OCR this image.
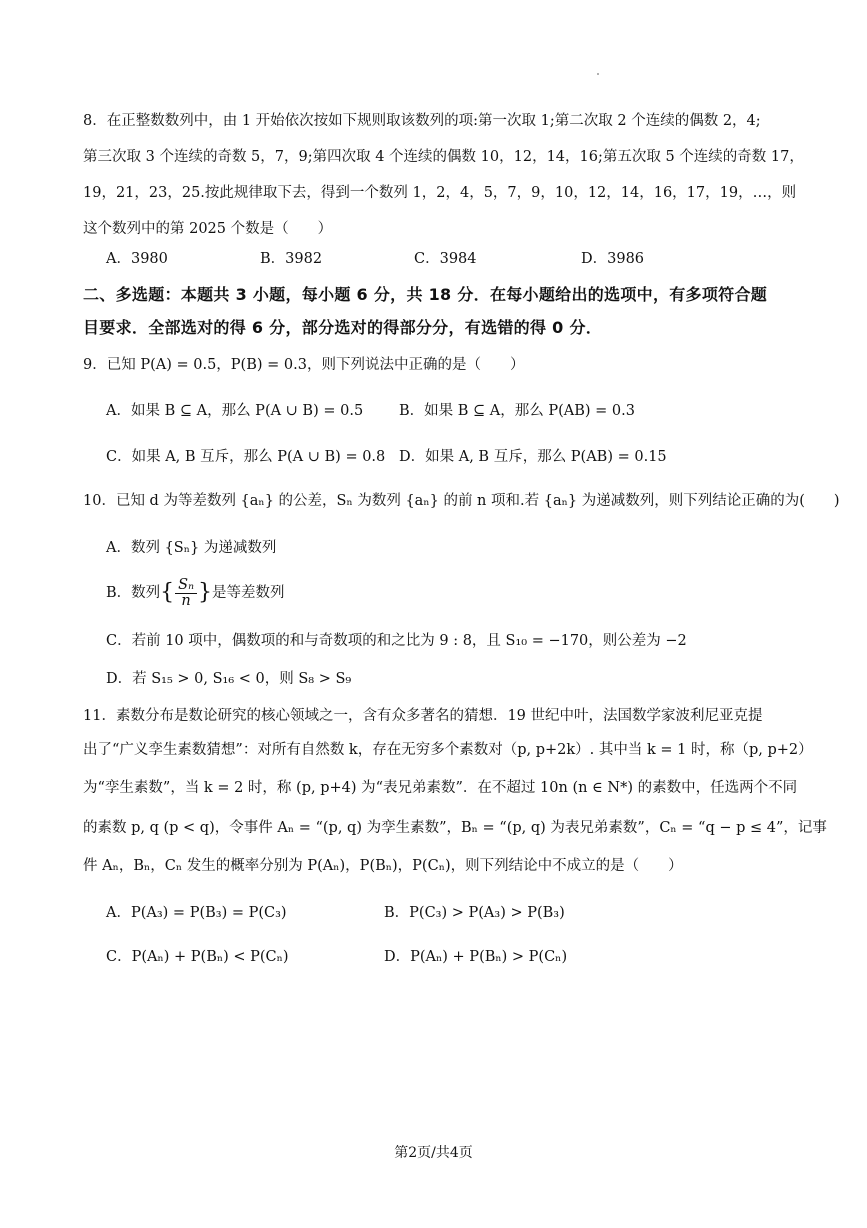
8．在正整数数列中，由 1 开始依次按如下规则取该数列的项:第一次取 1;第二次取 2 个连续的偶数 2，4;
第三次取 3 个连续的奇数 5，7，9;第四次取 4 个连续的偶数 10，12，14，16;第五次取 5 个连续的奇数 17，
19，21，23，25.按此规律取下去，得到一个数列 1，2，4，5，7，9，10，12，14，16，17，19，…，则
这个数列中的第 2025 个数是（　　）
A．3980	B．3982	C．3984	D．3986
二、多选题：本题共 3 小题，每小题 6 分，共 18 分．在每小题给出的选项中，有多项符合题
目要求．全部选对的得 6 分，部分选对的得部分分，有选错的得 0 分．
9．已知 P(A) = 0.5，P(B) = 0.3，则下列说法中正确的是（　　）
A．如果 B ⊆ A，那么 P(A ∪ B) = 0.5 B．如果 B ⊆ A，那么 P(AB) = 0.3
C．如果 A, B 互斥，那么 P(A ∪ B) = 0.8 D．如果 A, B 互斥，那么 P(AB) = 0.15
10．已知 d 为等差数列 {aₙ} 的公差，Sₙ 为数列 {aₙ} 的前 n 项和.若 {aₙ} 为递减数列，则下列结论正确的为(　　)
A．数列 {Sₙ} 为递减数列
B．数列{ $\frac{\text{Sₙ}}{n}$ }是等差数列
C．若前 10 项中，偶数项的和与奇数项的和之比为 9 : 8，且 S₁₀ = −170，则公差为 −2
D．若 S₁₅ > 0, S₁₆ < 0，则 S₈ > S₉
11．素数分布是数论研究的核心领域之一，含有众多著名的猜想．19 世纪中叶，法国数学家波利尼亚克提
出了“广义孪生素数猜想”：对所有自然数 k，存在无穷多个素数对（p, p+2k）. 其中当 k = 1 时，称（p, p+2）
为“孪生素数”，当 k = 2 时，称 (p, p+4) 为“表兄弟素数”．在不超过 10n (n ∈ N*) 的素数中，任选两个不同
的素数 p, q (p < q)，令事件 Aₙ = “(p, q) 为孪生素数”，Bₙ = “(p, q) 为表兄弟素数”，Cₙ = “q − p ≤ 4”，记事
件 Aₙ，Bₙ，Cₙ 发生的概率分别为 P(Aₙ)，P(Bₙ)，P(Cₙ)，则下列结论中不成立的是（　　）
A．P(A₃) = P(B₃) = P(C₃)	B．P(C₃) > P(A₃) > P(B₃)
C．P(Aₙ) + P(Bₙ) < P(Cₙ)	D．P(Aₙ) + P(Bₙ) > P(Cₙ)
第2页/共4页
